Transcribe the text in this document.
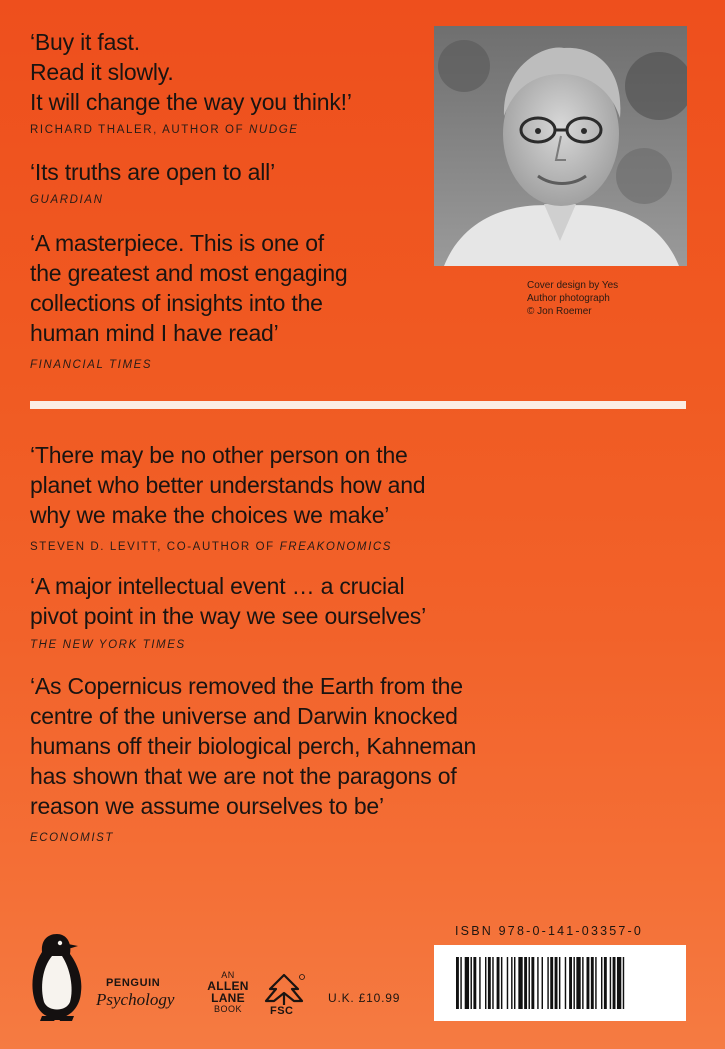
‘Buy it fast.
Read it slowly.
It will change the way you think!’
RICHARD THALER, AUTHOR OF NUDGE
‘Its truths are open to all’
GUARDIAN
‘A masterpiece. This is one of
the greatest and most engaging
collections of insights into the
human mind I have read’
FINANCIAL TIMES
Cover design by Yes
Author photograph
© Jon Roemer
‘There may be no other person on the
planet who better understands how and
why we make the choices we make’
STEVEN D. LEVITT, CO-AUTHOR OF FREAKONOMICS
‘A major intellectual event … a crucial
pivot point in the way we see ourselves’
THE NEW YORK TIMES
‘As Copernicus removed the Earth from the
centre of the universe and Darwin knocked
humans off their biological perch, Kahneman
has shown that we are not the paragons of
reason we assume ourselves to be’
ECONOMIST
PENGUIN
Psychology
AN
ALLEN
LANE
BOOK	FSC
U.K. £10.99
ISBN 978-0-141-03357-0
